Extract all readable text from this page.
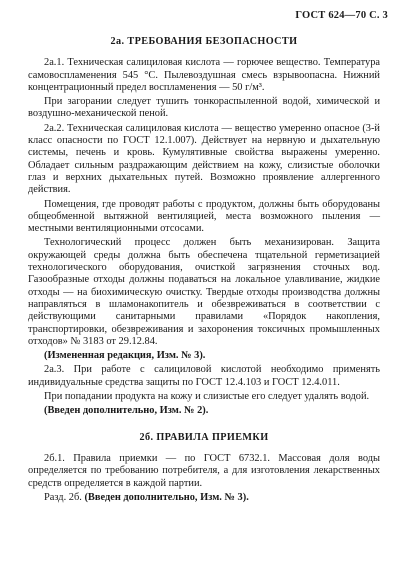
ГОСТ 624—70 С. 3
2а. ТРЕБОВАНИЯ БЕЗОПАСНОСТИ

2а.1. Техническая салициловая кислота — горючее вещество. Температура самовоспламенения 545 °С. Пылевоздушная смесь взрывоопасна. Нижний концентрационный предел воспламенения — 50 г/м³.

При загорании следует тушить тонкораспыленной водой, химической и воздушно-механической пеной.

2а.2. Техническая салициловая кислота — вещество умеренно опасное (3-й класс опасности по ГОСТ 12.1.007). Действует на нервную и дыхательную системы, печень и кровь. Кумулятивные свойства выражены умеренно. Обладает сильным раздражающим действием на кожу, слизистые оболочки глаз и верхних дыхательных путей. Возможно проявление аллергенного действия.

Помещения, где проводят работы с продуктом, должны быть оборудованы общеобменной вытяжной вентиляцией, места возможного пыления — местными вентиляционными отсосами.

Технологический процесс должен быть механизирован. Защита окружающей среды должна быть обеспечена тщательной герметизацией технологического оборудования, очисткой загрязнения сточных вод. Газообразные отходы должны подаваться на локальное улавливание, жидкие отходы — на биохимическую очистку. Твердые отходы производства должны направляться в шламонакопитель и обезвреживаться в соответствии с действующими санитарными правилами «Порядок накопления, транспортировки, обезвреживания и захоронения токсичных промышленных отходов» № 3183 от 29.12.84.

(Измененная редакция, Изм. № 3).

2а.3. При работе с салициловой кислотой необходимо применять индивидуальные средства защиты по ГОСТ 12.4.103 и ГОСТ 12.4.011.

При попадании продукта на кожу и слизистые его следует удалять водой.

(Введен дополнительно, Изм. № 2).

2б. ПРАВИЛА ПРИЕМКИ

2б.1. Правила приемки — по ГОСТ 6732.1. Массовая доля воды определяется по требованию потребителя, а для изготовления лекарственных средств определяется в каждой партии.

Разд. 2б. (Введен дополнительно, Изм. № 3).
